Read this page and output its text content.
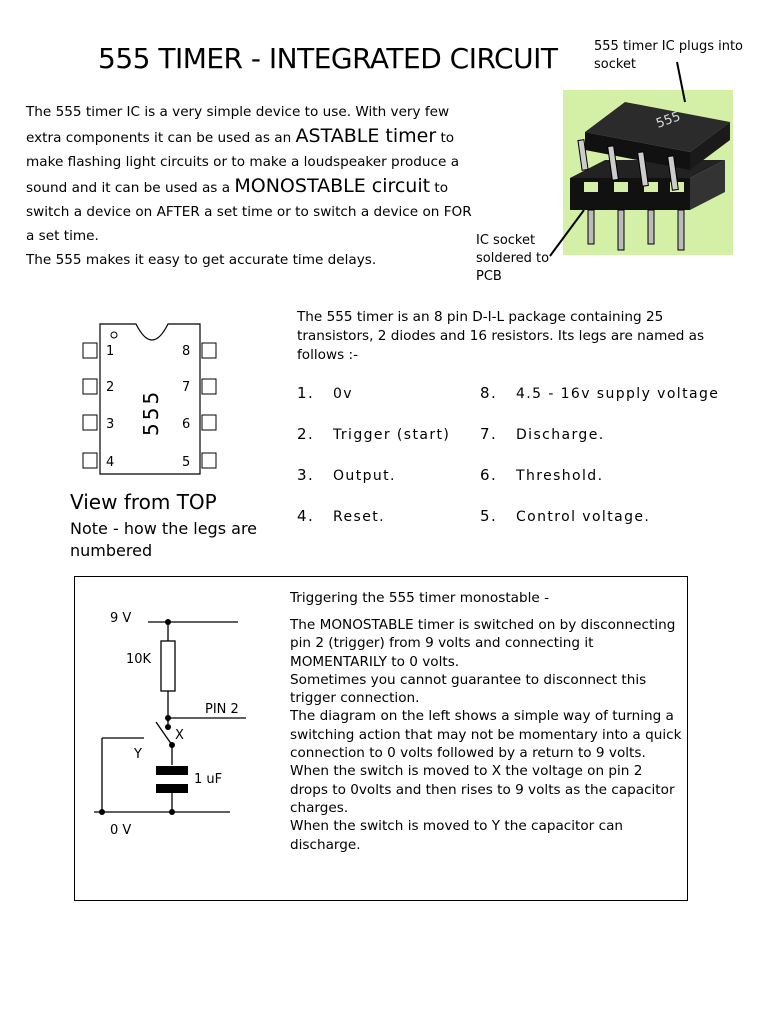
555 TIMER - INTEGRATED CIRCUIT
The 555 timer IC is a very simple device to use. With very few
extra components it can be used as an ASTABLE timer to
make flashing light circuits or to make a loudspeaker produce a
sound and it can be used as a MONOSTABLE circuit to
switch a device on AFTER a set time or to switch a device on FOR
a set time.
The 555 makes it easy to get accurate time delays.
555 timer IC plugs into socket
IC socket soldered to PCB
555
1
2
3
4
8
7
6
5
555
View from TOP
Note - how the legs are numbered
The 555 timer is an 8 pin D-I-L package containing 25 transistors, 2 diodes and 16 resistors. Its legs are named as follows :-
1. 0v
2. Trigger (start)
3. Output.
4. Reset.
8. 4.5 - 16v supply voltage
7. Discharge.
6. Threshold.
5. Control voltage.
9 V
10K
PIN 2
X
Y
1 uF
0 V
Triggering the 555 timer monostable -

The MONOSTABLE timer is switched on by disconnecting pin 2 (trigger) from 9 volts and connecting it MOMENTARILY to 0 volts.

Sometimes you cannot guarantee to disconnect this trigger connection.

The diagram on the left shows a simple way of turning a switching action that may not be momentary into a quick connection to 0 volts followed by a return to 9 volts.

When the switch is moved to X the voltage on pin 2 drops to 0volts and then rises to 9 volts as the capacitor charges.

When the switch is moved to Y the capacitor can discharge.
